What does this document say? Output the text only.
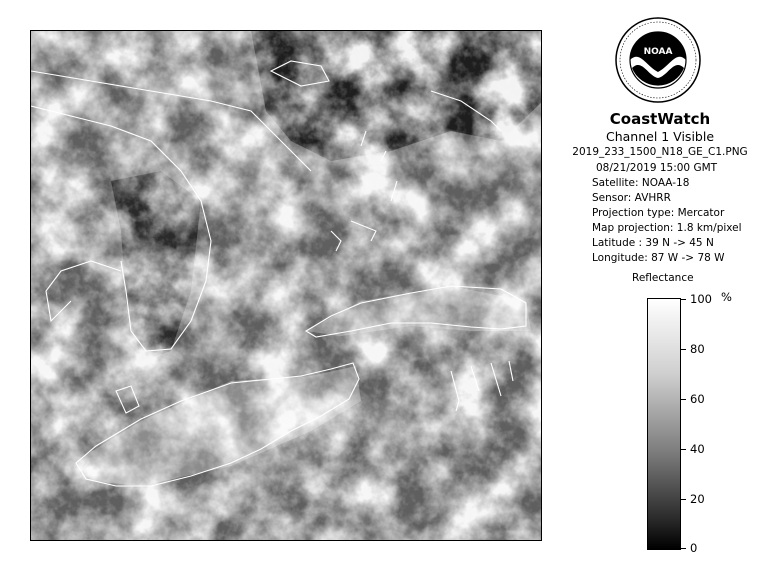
NOAA
CoastWatch
Channel 1 Visible
2019_233_1500_N18_GE_C1.PNG
08/21/2019 15:00 GMT
Satellite: NOAA-18
Sensor: AVHRR
Projection type: Mercator
Map projection: 1.8 km/pixel
Latitude : 39 N -> 45 N
Longitude: 87 W -> 78 W
Reflectance
%
100
80
60
40
20
0
